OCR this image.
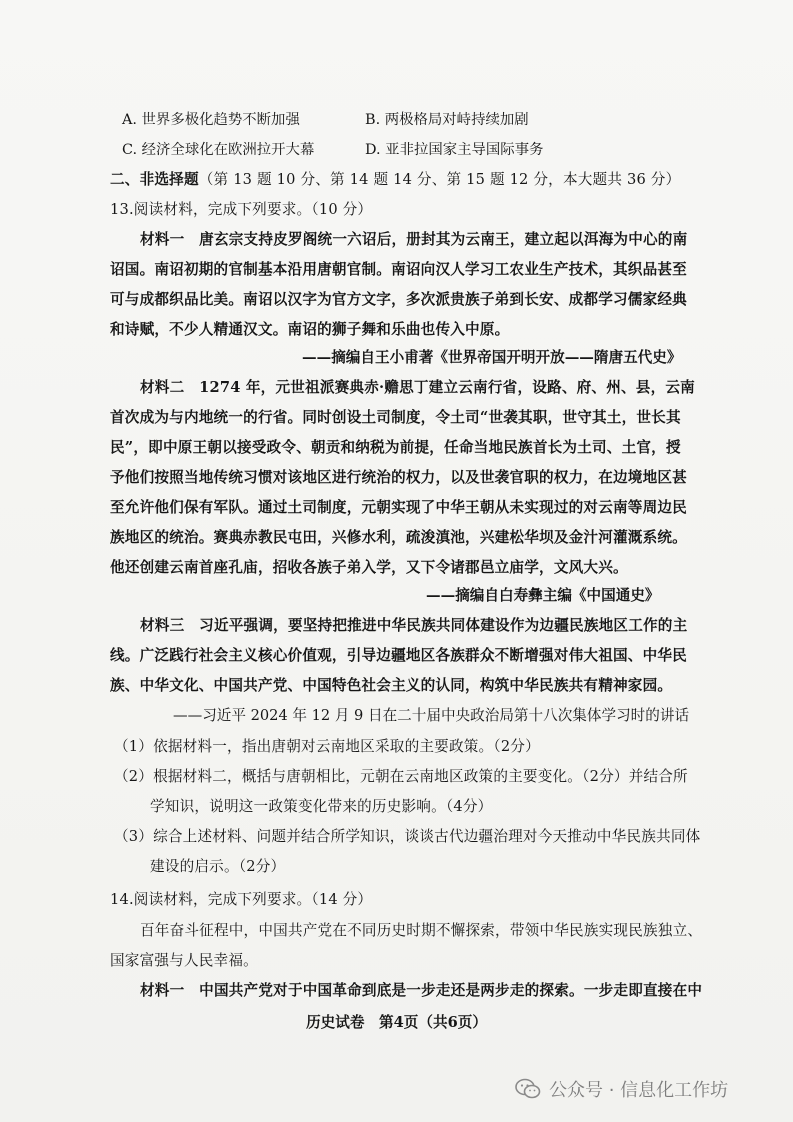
A. 世界多极化趋势不断加强	B. 两极格局对峙持续加剧
C. 经济全球化在欧洲拉开大幕	D. 亚非拉国家主导国际事务
二、非选择题（第 13 题 10 分、第 14 题 14 分、第 15 题 12 分，本大题共 36 分）
13.阅读材料，完成下列要求。（10 分）
材料一　唐玄宗支持皮罗阁统一六诏后，册封其为云南王，建立起以洱海为中心的南
诏国。南诏初期的官制基本沿用唐朝官制。南诏向汉人学习工农业生产技术，其织品甚至
可与成都织品比美。南诏以汉字为官方文字，多次派贵族子弟到长安、成都学习儒家经典
和诗赋，不少人精通汉文。南诏的狮子舞和乐曲也传入中原。
——摘编自王小甫著《世界帝国开明开放——隋唐五代史》
材料二　1274 年，元世祖派赛典赤·赡思丁建立云南行省，设路、府、州、县，云南
首次成为与内地统一的行省。同时创设土司制度，令土司“世袭其职，世守其土，世长其
民”，即中原王朝以接受政令、朝贡和纳税为前提，任命当地民族首长为土司、土官，授
予他们按照当地传统习惯对该地区进行统治的权力，以及世袭官职的权力，在边境地区甚
至允许他们保有军队。通过土司制度，元朝实现了中华王朝从未实现过的对云南等周边民
族地区的统治。赛典赤教民屯田，兴修水利，疏浚滇池，兴建松华坝及金汁河灌溉系统。
他还创建云南首座孔庙，招收各族子弟入学，又下令诸郡邑立庙学，文风大兴。
——摘编自白寿彝主编《中国通史》
材料三　习近平强调，要坚持把推进中华民族共同体建设作为边疆民族地区工作的主
线。广泛践行社会主义核心价值观，引导边疆地区各族群众不断增强对伟大祖国、中华民
族、中华文化、中国共产党、中国特色社会主义的认同，构筑中华民族共有精神家园。
——习近平 2024 年 12 月 9 日在二十届中央政治局第十八次集体学习时的讲话
（1）依据材料一，指出唐朝对云南地区采取的主要政策。（2分）
（2）根据材料二，概括与唐朝相比，元朝在云南地区政策的主要变化。（2分）并结合所
学知识，说明这一政策变化带来的历史影响。（4分）
（3）综合上述材料、问题并结合所学知识，谈谈古代边疆治理对今天推动中华民族共同体
建设的启示。（2分）
14.阅读材料，完成下列要求。（14 分）
百年奋斗征程中，中国共产党在不同历史时期不懈探索，带领中华民族实现民族独立、
国家富强与人民幸福。
材料一　中国共产党对于中国革命到底是一步走还是两步走的探索。一步走即直接在中
历史试卷　第4页（共6页）
公众号 · 信息化工作坊
